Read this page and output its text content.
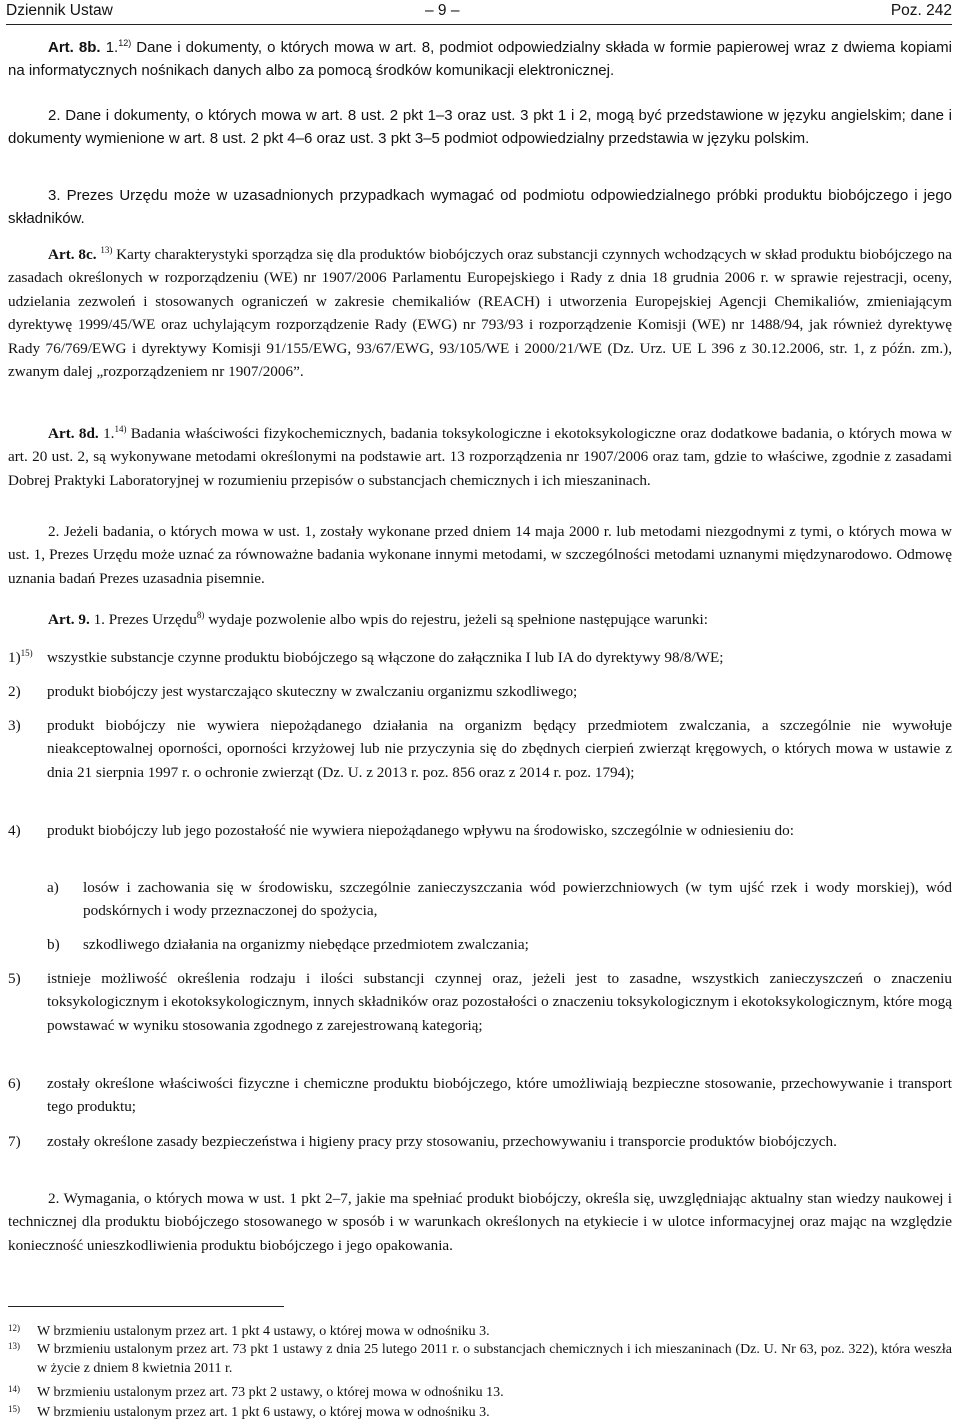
Dziennik Ustaw	– 9 –	Poz. 242
Art. 8b. 1.$^{12)}$ Dane i dokumenty, o których mowa w art. 8, podmiot odpowiedzialny składa w formie papierowej wraz z dwiema kopiami na informatycznych nośnikach danych albo za pomocą środków komunikacji elektronicznej.
2. Dane i dokumenty, o których mowa w art. 8 ust. 2 pkt 1–3 oraz ust. 3 pkt 1 i 2, mogą być przedstawione w języku angielskim; dane i dokumenty wymienione w art. 8 ust. 2 pkt 4–6 oraz ust. 3 pkt 3–5 podmiot odpowiedzialny przedstawia w języku polskim.
3. Prezes Urzędu może w uzasadnionych przypadkach wymagać od podmiotu odpowiedzialnego próbki produktu biobójczego i jego składników.
Art. 8c. $^{13)}$ Karty charakterystyki sporządza się dla produktów biobójczych oraz substancji czynnych wchodzących w skład produktu biobójczego na zasadach określonych w rozporządzeniu (WE) nr 1907/2006 Parlamentu Europejskiego i Rady z dnia 18 grudnia 2006 r. w sprawie rejestracji, oceny, udzielania zezwoleń i stosowanych ograniczeń w zakresie chemikaliów (REACH) i utworzenia Europejskiej Agencji Chemikaliów, zmieniającym dyrektywę 1999/45/WE oraz uchylającym rozporządzenie Rady (EWG) nr 793/93 i rozporządzenie Komisji (WE) nr 1488/94, jak również dyrektywę Rady 76/769/EWG i dyrektywy Komisji 91/155/EWG, 93/67/EWG, 93/105/WE i 2000/21/WE (Dz. Urz. UE L 396 z 30.12.2006, str. 1, z późn. zm.), zwanym dalej „rozporządzeniem nr 1907/2006”.
Art. 8d. 1.$^{14)}$ Badania właściwości fizykochemicznych, badania toksykologiczne i ekotoksykologiczne oraz dodatkowe badania, o których mowa w art. 20 ust. 2, są wykonywane metodami określonymi na podstawie art. 13 rozporządzenia nr 1907/2006 oraz tam, gdzie to właściwe, zgodnie z zasadami Dobrej Praktyki Laboratoryjnej w rozumieniu przepisów o substancjach chemicznych i ich mieszaninach.
2. Jeżeli badania, o których mowa w ust. 1, zostały wykonane przed dniem 14 maja 2000 r. lub metodami niezgodnymi z tymi, o których mowa w ust. 1, Prezes Urzędu może uznać za równoważne badania wykonane innymi metodami, w szczególności metodami uznanymi międzynarodowo. Odmowę uznania badań Prezes uzasadnia pisemnie.
Art. 9. 1. Prezes Urzędu$^{8)}$ wydaje pozwolenie albo wpis do rejestru, jeżeli są spełnione następujące warunki:
1)$^{15)}$ wszystkie substancje czynne produktu biobójczego są włączone do załącznika I lub IA do dyrektywy 98/8/WE;
2) produkt biobójczy jest wystarczająco skuteczny w zwalczaniu organizmu szkodliwego;
3) produkt biobójczy nie wywiera niepożądanego działania na organizm będący przedmiotem zwalczania, a szczególnie nie wywołuje nieakceptowalnej oporności, oporności krzyżowej lub nie przyczynia się do zbędnych cierpień zwierząt kręgowych, o których mowa w ustawie z dnia 21 sierpnia 1997 r. o ochronie zwierząt (Dz. U. z 2013 r. poz. 856 oraz z 2014 r. poz. 1794);
4) produkt biobójczy lub jego pozostałość nie wywiera niepożądanego wpływu na środowisko, szczególnie w odniesieniu do:
a) losów i zachowania się w środowisku, szczególnie zanieczyszczania wód powierzchniowych (w tym ujść rzek i wody morskiej), wód podskórnych i wody przeznaczonej do spożycia,
b) szkodliwego działania na organizmy niebędące przedmiotem zwalczania;
5) istnieje możliwość określenia rodzaju i ilości substancji czynnej oraz, jeżeli jest to zasadne, wszystkich zanieczyszczeń o znaczeniu toksykologicznym i ekotoksykologicznym, innych składników oraz pozostałości o znaczeniu toksykologicznym i ekotoksykologicznym, które mogą powstawać w wyniku stosowania zgodnego z zarejestrowaną kategorią;
6) zostały określone właściwości fizyczne i chemiczne produktu biobójczego, które umożliwiają bezpieczne stosowanie, przechowywanie i transport tego produktu;
7) zostały określone zasady bezpieczeństwa i higieny pracy przy stosowaniu, przechowywaniu i transporcie produktów biobójczych.
2. Wymagania, o których mowa w ust. 1 pkt 2–7, jakie ma spełniać produkt biobójczy, określa się, uwzględniając aktualny stan wiedzy naukowej i technicznej dla produktu biobójczego stosowanego w sposób i w warunkach określonych na etykiecie i w ulotce informacyjnej oraz mając na względzie konieczność unieszkodliwienia produktu biobójczego i jego opakowania.
12) W brzmieniu ustalonym przez art. 1 pkt 4 ustawy, o której mowa w odnośniku 3.
13) W brzmieniu ustalonym przez art. 73 pkt 1 ustawy z dnia 25 lutego 2011 r. o substancjach chemicznych i ich mieszaninach (Dz. U. Nr 63, poz. 322), która weszła w życie z dniem 8 kwietnia 2011 r.
14) W brzmieniu ustalonym przez art. 73 pkt 2 ustawy, o której mowa w odnośniku 13.
15) W brzmieniu ustalonym przez art. 1 pkt 6 ustawy, o której mowa w odnośniku 3.
